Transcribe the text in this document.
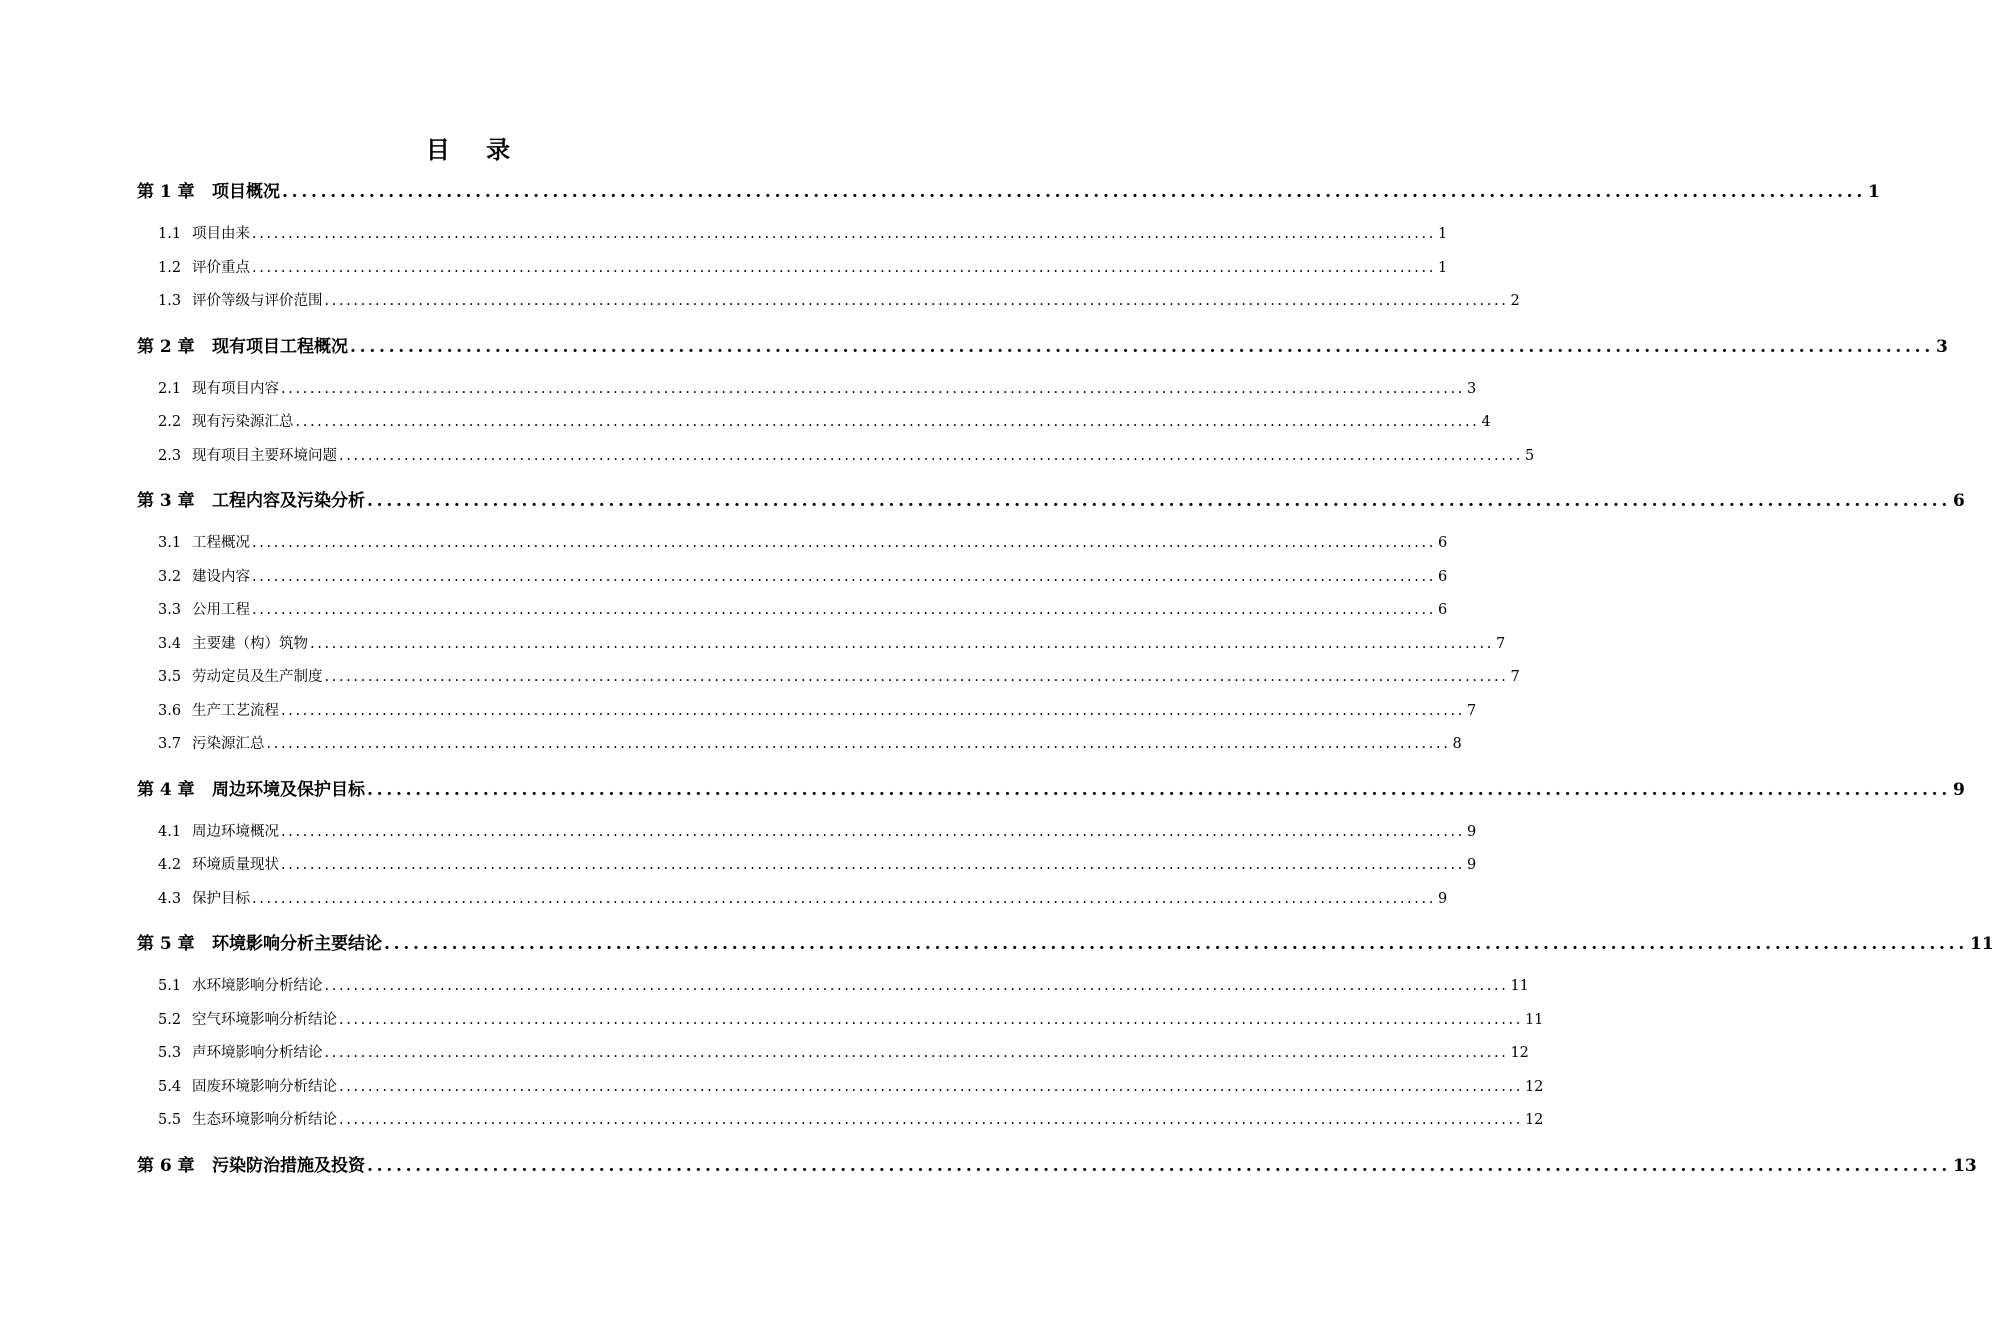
目 录
第 1 章	项目概况 .................................................................................................................................................................... 1
1.1 项目由来 .................................................................................................................................................................... 1
1.2 评价重点 .................................................................................................................................................................... 1
1.3 评价等级与评价范围 .................................................................................................................................................................... 2
第 2 章	现有项目工程概况 .................................................................................................................................................................... 3
2.1 现有项目内容 .................................................................................................................................................................... 3
2.2 现有污染源汇总 .................................................................................................................................................................... 4
2.3 现有项目主要环境问题 .................................................................................................................................................................... 5
第 3 章	工程内容及污染分析 .................................................................................................................................................................... 6
3.1 工程概况 .................................................................................................................................................................... 6
3.2 建设内容 .................................................................................................................................................................... 6
3.3 公用工程 .................................................................................................................................................................... 6
3.4 主要建（构）筑物 .................................................................................................................................................................... 7
3.5 劳动定员及生产制度 .................................................................................................................................................................... 7
3.6 生产工艺流程 .................................................................................................................................................................... 7
3.7 污染源汇总 .................................................................................................................................................................... 8
第 4 章	周边环境及保护目标 .................................................................................................................................................................... 9
4.1 周边环境概况 .................................................................................................................................................................... 9
4.2 环境质量现状 .................................................................................................................................................................... 9
4.3 保护目标 .................................................................................................................................................................... 9
第 5 章	环境影响分析主要结论 .................................................................................................................................................................... 11
5.1 水环境影响分析结论 .................................................................................................................................................................... 11
5.2 空气环境影响分析结论 .................................................................................................................................................................... 11
5.3 声环境影响分析结论 .................................................................................................................................................................... 12
5.4 固废环境影响分析结论 .................................................................................................................................................................... 12
5.5 生态环境影响分析结论 .................................................................................................................................................................... 12
第 6 章	污染防治措施及投资 .................................................................................................................................................................... 13
